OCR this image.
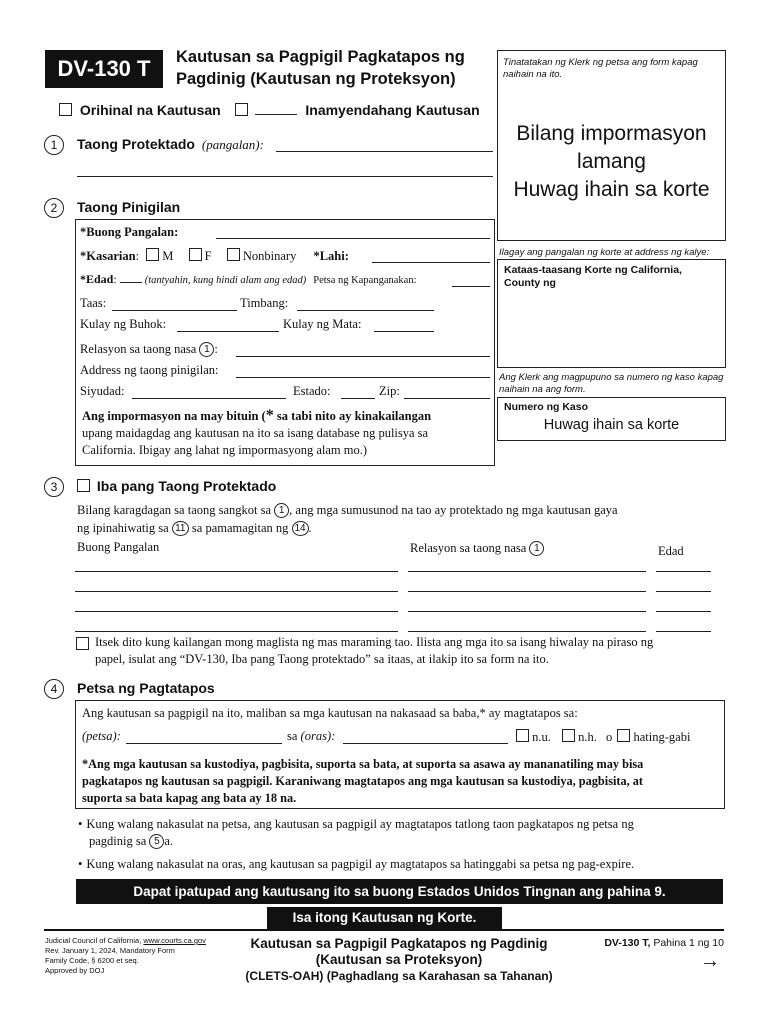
DV-130 T	Kautusan sa Pagpigil Pagkatapos ng
Pagdinig (Kautusan ng Proteksyon)
Orihinal na Kautusan	Inamyendahang Kautusan
Tinatatakan ng Klerk ng petsa ang form kapag naihain na ito.
Bilang impormasyon
lamang
Huwag ihain sa korte
Ilagay ang pangalan ng korte at address ng kalye:
Kataas-taasang Korte ng California,
County ng
Ang Klerk ang magpupuno sa numero ng kaso kapag naihain na ang form.
Numero ng Kaso
Huwag ihain sa korte
1	Taong Protektado (pangalan):
2	Taong Pinigilan
*Buong Pangalan:
*Kasarian:  M	F	Nonbinary *Lahi:
*Edad:  (tantyahin, kung hindi alam ang edad) Petsa ng Kapanganakan:
Taas:	Timbang:
Kulay ng Buhok:	Kulay ng Mata:
Relasyon sa taong nasa 1 :
Address ng taong pinigilan:
Siyudad:	Estado:	Zip:
Ang impormasyon na may bituin (* sa tabi nito ay kinakailangan
upang maidagdag ang kautusan na ito sa isang database ng pulisya sa
California. Ibigay ang lahat ng impormasyong alam mo.)
3	Iba pang Taong Protektado
Bilang karagdagan sa taong sangkot sa 1 , ang mga sumusunod na tao ay protektado ng mga kautusan gaya
ng ipinahiwatig sa 11 sa pamamagitan ng 14 .
Buong Pangalan	Relasyon sa taong nasa 1	Edad
Itsek dito kung kailangan mong maglista ng mas maraming tao. Ilista ang mga ito sa isang hiwalay na piraso ng
papel, isulat ang “DV-130, Iba pang Taong protektado” sa itaas, at ilakip ito sa form na ito.
4	Petsa ng Pagtatapos
Ang kautusan sa pagpigil na ito, maliban sa mga kautusan na nakasaad sa baba,* ay magtatapos sa:
(petsa):	sa (oras):	n.u. n.h. o hating-gabi
*Ang mga kautusan sa kustodiya, pagbisita, suporta sa bata, at suporta sa asawa ay mananatiling may bisa
pagkatapos ng kautusan sa pagpigil. Karaniwang magtatapos ang mga kautusan sa kustodiya, pagbisita, at
suporta sa bata kapag ang bata ay 18 na.
• Kung walang nakasulat na petsa, ang kautusan sa pagpigil ay magtatapos tatlong taon pagkatapos ng petsa ng
pagdinig sa 5 a.
• Kung walang nakasulat na oras, ang kautusan sa pagpigil ay magtatapos sa hatinggabi sa petsa ng pag-expire.
Dapat ipatupad ang kautusang ito sa buong Estados Unidos Tingnan ang pahina 9.
Isa itong Kautusan ng Korte.
Judicial Council of California, www.courts.ca.gov
Rev. January 1, 2024, Mandatory Form
Family Code, § 6200 et seq.
Approved by DOJ
Kautusan sa Pagpigil Pagkatapos ng Pagdinig
(Kautusan sa Proteksyon)
(CLETS-OAH) (Paghadlang sa Karahasan sa Tahanan)
DV-130 T, Pahina 1 ng 10
→
